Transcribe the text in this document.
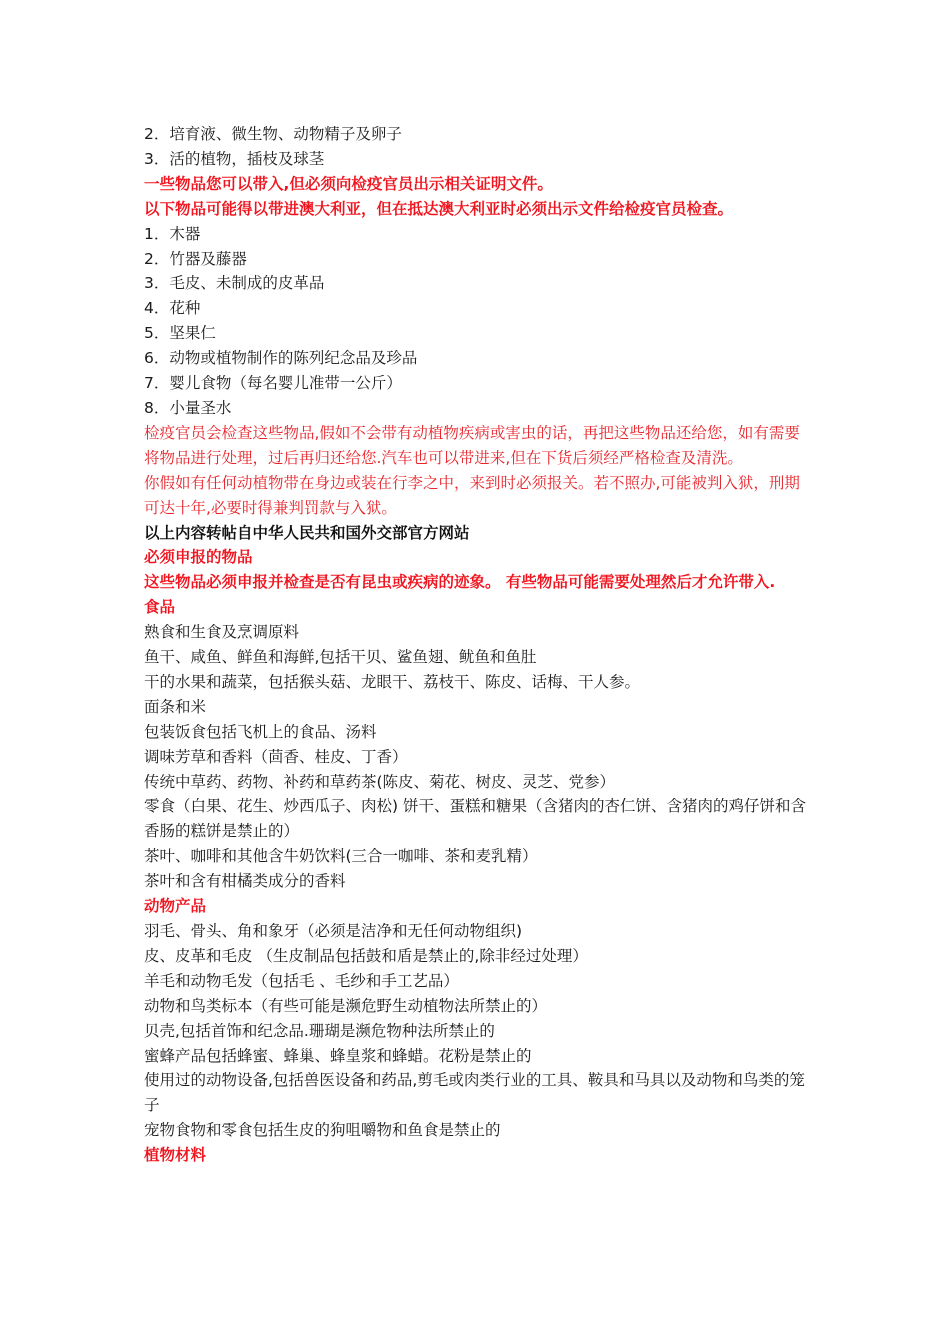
2．培育液、微生物、动物精子及卵子
3．活的植物，插枝及球茎
一些物品您可以带入,但必须向检疫官员出示相关证明文件。
以下物品可能得以带进澳大利亚，但在抵达澳大利亚时必须出示文件给检疫官员检查。
1．木器
2．竹器及藤器
3．毛皮、未制成的皮革品
4．花种
5．坚果仁
6．动物或植物制作的陈列纪念品及珍品
7．婴儿食物（每名婴儿准带一公斤）
8．小量圣水
检疫官员会检查这些物品,假如不会带有动植物疾病或害虫的话，再把这些物品还给您，如有需要将物品进行处理，过后再归还给您.汽车也可以带进来,但在下货后须经严格检查及清洗。
你假如有任何动植物带在身边或装在行李之中，来到时必须报关。若不照办,可能被判入狱，刑期可达十年,必要时得兼判罚款与入狱。
以上内容转帖自中华人民共和国外交部官方网站
必须申报的物品
这些物品必须申报并检查是否有昆虫或疾病的迹象。 有些物品可能需要处理然后才允许带入.
食品
熟食和生食及烹调原料
鱼干、咸鱼、鲜鱼和海鲜,包括干贝、鲨鱼翅、鱿鱼和鱼肚
干的水果和蔬菜，包括猴头菇、龙眼干、荔枝干、陈皮、话梅、干人参。
面条和米
包装饭食包括飞机上的食品、汤料
调味芳草和香料（茴香、桂皮、丁香）
传统中草药、药物、补药和草药茶(陈皮、菊花、树皮、灵芝、党参）
零食（白果、花生、炒西瓜子、肉松) 饼干、蛋糕和糖果（含猪肉的杏仁饼、含猪肉的鸡仔饼和含香肠的糕饼是禁止的）
茶叶、咖啡和其他含牛奶饮料(三合一咖啡、茶和麦乳精）
茶叶和含有柑橘类成分的香料
动物产品
羽毛、骨头、角和象牙（必须是洁净和无任何动物组织)
皮、皮革和毛皮 （生皮制品包括鼓和盾是禁止的,除非经过处理）
羊毛和动物毛发（包括毛 、毛纱和手工艺品）
动物和鸟类标本（有些可能是濒危野生动植物法所禁止的）
贝壳,包括首饰和纪念品.珊瑚是濒危物种法所禁止的
蜜蜂产品包括蜂蜜、蜂巢、蜂皇浆和蜂蜡。花粉是禁止的
使用过的动物设备,包括兽医设备和药品,剪毛或肉类行业的工具、鞍具和马具以及动物和鸟类的笼子
宠物食物和零食包括生皮的狗咀嚼物和鱼食是禁止的
植物材料
